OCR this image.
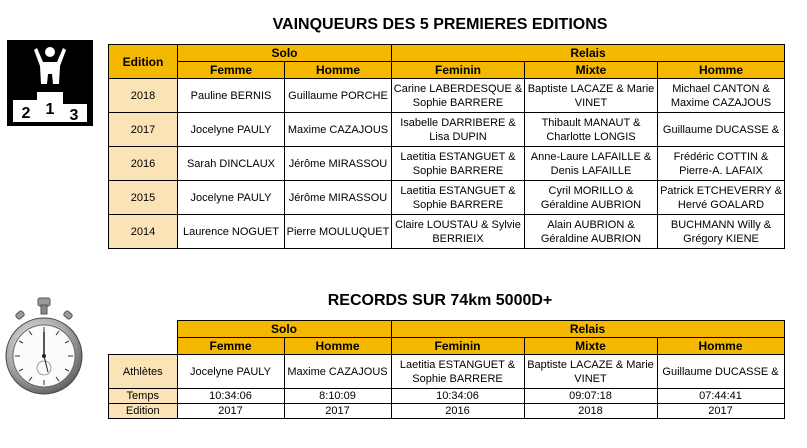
VAINQUEURS DES 5 PREMIERES EDITIONS
2 1 3
Edition	Solo		Relais		
	Femme	Homme	Feminin	Mixte	Homme
2018	Pauline BERNIS	Guillaume PORCHE	Carine LABERDESQUE & Sophie BARRERE	Baptiste LACAZE & Marie VINET	Michael CANTON & Maxime CAZAJOUS
2017	Jocelyne PAULY	Maxime CAZAJOUS	Isabelle DARRIBERE & Lisa DUPIN	Thibault MANAUT & Charlotte LONGIS	Guillaume DUCASSE &
2016	Sarah DINCLAUX	Jérôme MIRASSOU	Laetitia ESTANGUET & Sophie BARRERE	Anne-Laure LAFAILLE & Denis LAFAILLE	Frédéric COTTIN & Pierre-A. LAFAIX
2015	Jocelyne PAULY	Jérôme MIRASSOU	Laetitia ESTANGUET & Sophie BARRERE	Cyril MORILLO & Géraldine AUBRION	Patrick ETCHEVERRY & Hervé GOALARD
2014	Laurence NOGUET	Pierre MOULUQUET	Claire LOUSTAU & Sylvie BERRIEIX	Alain AUBRION & Géraldine AUBRION	BUCHMANN Willy & Grégory KIENE
RECORDS SUR 74km 5000D+
	Solo		Relais		
	Femme	Homme	Feminin	Mixte	Homme
Athlètes	Jocelyne PAULY	Maxime CAZAJOUS	Laetitia ESTANGUET & Sophie BARRERE	Baptiste LACAZE & Marie VINET	Guillaume DUCASSE &
Temps	10:34:06	8:10:09	10:34:06	09:07:18	07:44:41
Edition	2017	2017	2016	2018	2017
